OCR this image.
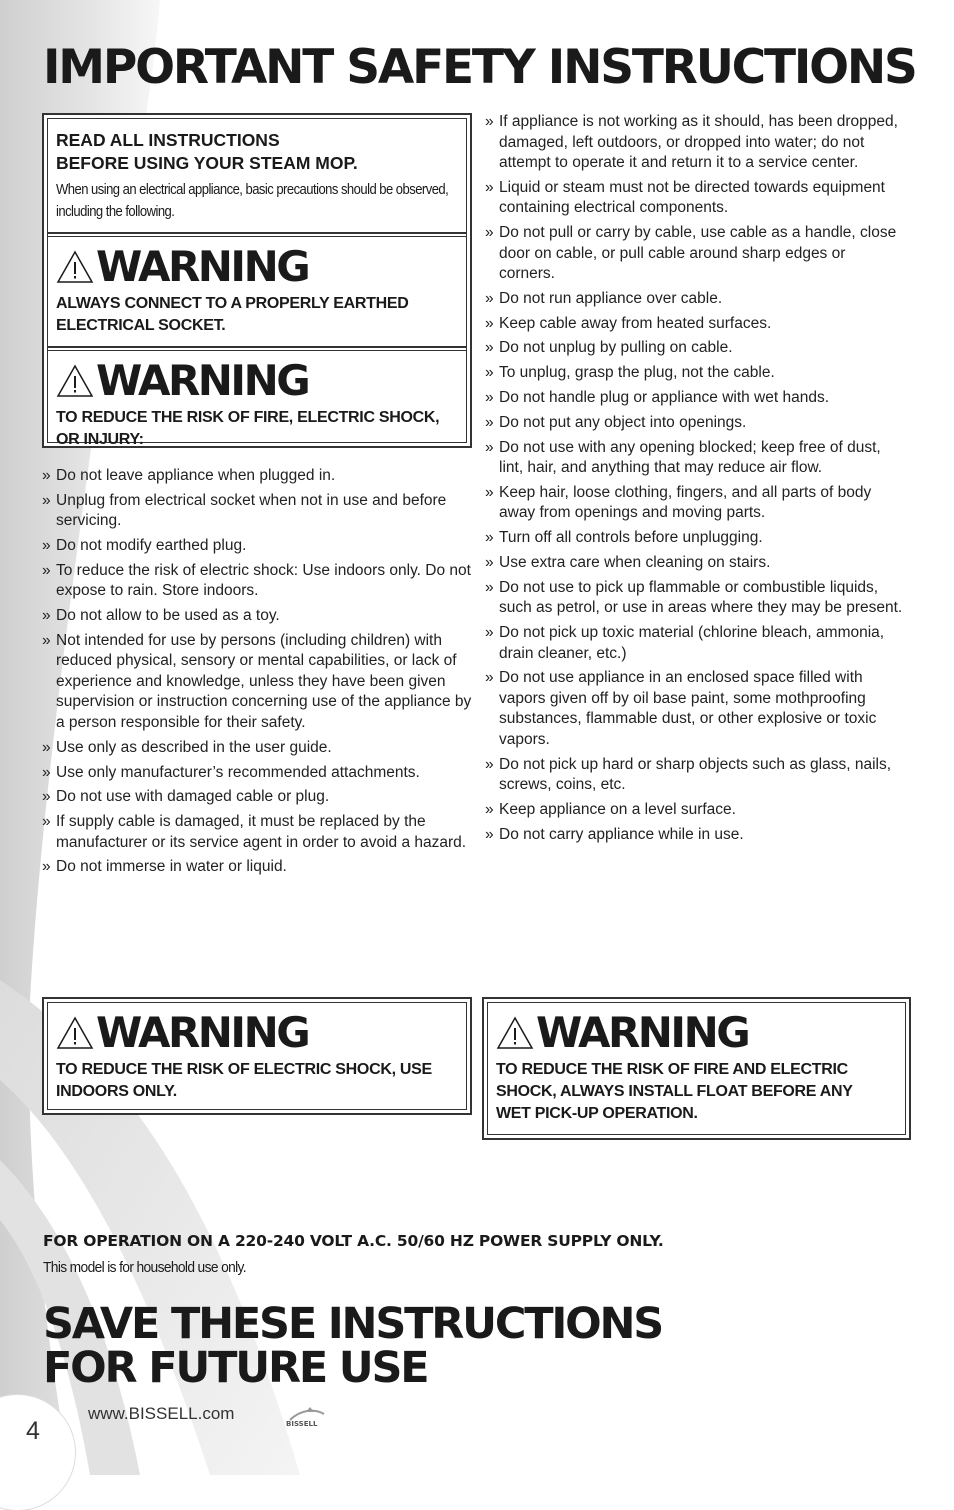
IMPORTANT SAFETY INSTRUCTIONS
READ ALL INSTRUCTIONS
BEFORE USING YOUR STEAM MOP.
When using an electrical appliance, basic precautions should be observed, including the following.
WARNING
ALWAYS CONNECT TO A PROPERLY EARTHED ELECTRICAL SOCKET.
WARNING
TO REDUCE THE RISK OF FIRE, ELECTRIC SHOCK, OR INJURY:
» Do not leave appliance when plugged in.
» Unplug from electrical socket when not in use and before servicing.
» Do not modify earthed plug.
» To reduce the risk of electric shock: Use indoors only. Do not expose to rain. Store indoors.
» Do not allow to be used as a toy.
» Not intended for use by persons (including children) with reduced physical, sensory or mental capabilities, or lack of experience and knowledge, unless they have been given supervision or instruction concerning use of the appliance by a person responsible for their safety.
» Use only as described in the user guide.
» Use only manufacturer’s recommended attachments.
» Do not use with damaged cable or plug.
» If supply cable is damaged, it must be replaced by the manufacturer or its service agent in order to avoid a hazard.
» Do not immerse in water or liquid.
» If appliance is not working as it should, has been dropped, damaged, left outdoors, or dropped into water; do not attempt to operate it and return it to a service center.
» Liquid or steam must not be directed towards equipment containing electrical components.
» Do not pull or carry by cable, use cable as a handle, close door on cable, or pull cable around sharp edges or corners.
» Do not run appliance over cable.
» Keep cable away from heated surfaces.
» Do not unplug by pulling on cable.
» To unplug, grasp the plug, not the cable.
» Do not handle plug or appliance with wet hands.
» Do not put any object into openings.
» Do not use with any opening blocked; keep free of dust, lint, hair, and anything that may reduce air flow.
» Keep hair, loose clothing, fingers, and all parts of body away from openings and moving parts.
» Turn off all controls before unplugging.
» Use extra care when cleaning on stairs.
» Do not use to pick up flammable or combustible liquids, such as petrol, or use in areas where they may be present.
» Do not pick up toxic material (chlorine bleach, ammonia, drain cleaner, etc.)
» Do not use appliance in an enclosed space filled with vapors given off by oil base paint, some mothproofing substances, flammable dust, or other explosive or toxic vapors.
» Do not pick up hard or sharp objects such as glass, nails, screws, coins, etc.
» Keep appliance on a level surface.
» Do not carry appliance while in use.
WARNING
TO REDUCE THE RISK OF ELECTRIC SHOCK, USE INDOORS ONLY.
WARNING
TO REDUCE THE RISK OF FIRE AND ELECTRIC SHOCK, ALWAYS INSTALL FLOAT BEFORE ANY WET PICK-UP OPERATION.

FOR OPERATION ON A 220-240 VOLT A.C. 50/60 HZ POWER SUPPLY ONLY.

This model is for household use only.

SAVE THESE INSTRUCTIONS
FOR FUTURE USE
4
www.BISSELL.com
BISSELL
